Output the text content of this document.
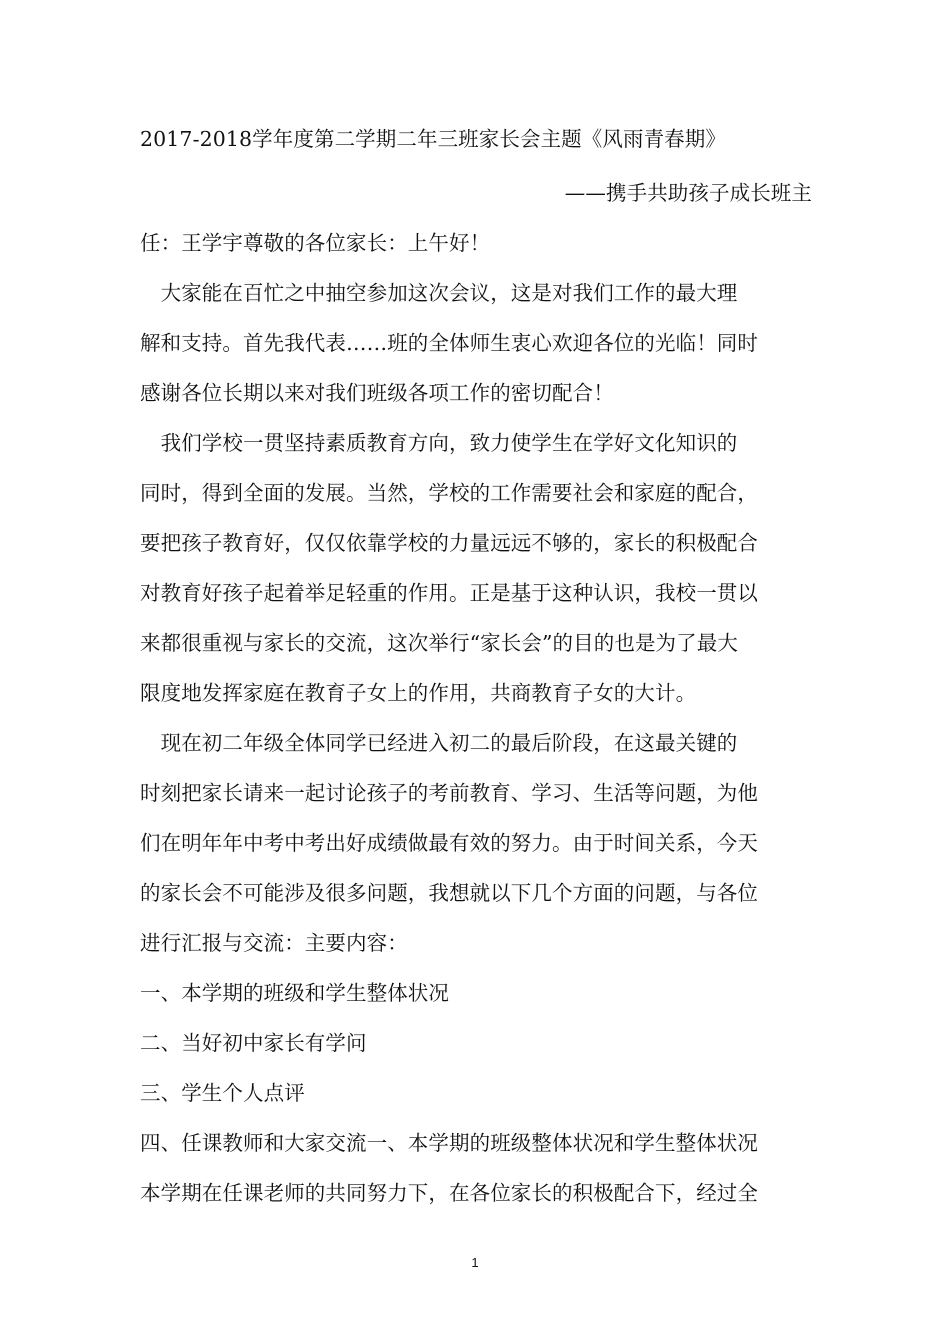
2017-2018学年度第二学期二年三班家长会主题《风雨青春期》
——携手共助孩子成长班主
任：王学宇尊敬的各位家长：上午好！
　大家能在百忙之中抽空参加这次会议，这是对我们工作的最大理
解和支持。首先我代表……班的全体师生衷心欢迎各位的光临！同时
感谢各位长期以来对我们班级各项工作的密切配合！
　我们学校一贯坚持素质教育方向，致力使学生在学好文化知识的
同时，得到全面的发展。当然，学校的工作需要社会和家庭的配合，
要把孩子教育好，仅仅依靠学校的力量远远不够的，家长的积极配合
对教育好孩子起着举足轻重的作用。正是基于这种认识，我校一贯以
来都很重视与家长的交流，这次举行“家长会”的目的也是为了最大
限度地发挥家庭在教育子女上的作用，共商教育子女的大计。
　现在初二年级全体同学已经进入初二的最后阶段，在这最关键的
时刻把家长请来一起讨论孩子的考前教育、学习、生活等问题，为他
们在明年年中考中考出好成绩做最有效的努力。由于时间关系，今天
的家长会不可能涉及很多问题，我想就以下几个方面的问题，与各位
进行汇报与交流：主要内容：
一、本学期的班级和学生整体状况
二、当好初中家长有学问
三、学生个人点评
四、任课教师和大家交流一、本学期的班级整体状况和学生整体状况
本学期在任课老师的共同努力下，在各位家长的积极配合下，经过全
1
